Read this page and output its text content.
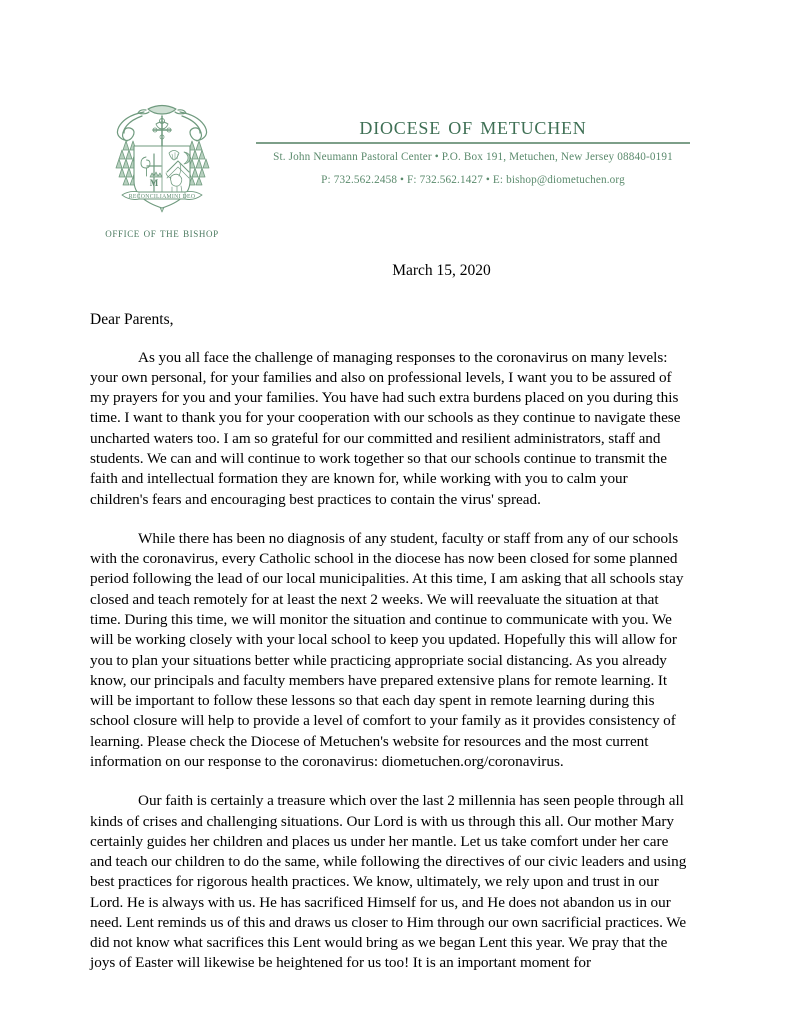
M
RECONCILIAMINI DEO
office of the bishop
diocese of metuchen
St. John Neumann Pastoral Center • P.O. Box 191, Metuchen, New Jersey 08840-0191
P: 732.562.2458 • F: 732.562.1427 • E: bishop@diometuchen.org
March 15, 2020
Dear Parents,

As you all face the challenge of managing responses to the coronavirus on many levels: your own personal, for your families and also on professional levels, I want you to be assured of my prayers for you and your families. You have had such extra burdens placed on you during this time. I want to thank you for your cooperation with our schools as they continue to navigate these uncharted waters too. I am so grateful for our committed and resilient administrators, staff and students. We can and will continue to work together so that our schools continue to transmit the faith and intellectual formation they are known for, while working with you to calm your children's fears and encouraging best practices to contain the virus' spread.

While there has been no diagnosis of any student, faculty or staff from any of our schools with the coronavirus, every Catholic school in the diocese has now been closed for some planned period following the lead of our local municipalities. At this time, I am asking that all schools stay closed and teach remotely for at least the next 2 weeks. We will reevaluate the situation at that time. During this time, we will monitor the situation and continue to communicate with you. We will be working closely with your local school to keep you updated. Hopefully this will allow for you to plan your situations better while practicing appropriate social distancing. As you already know, our principals and faculty members have prepared extensive plans for remote learning. It will be important to follow these lessons so that each day spent in remote learning during this school closure will help to provide a level of comfort to your family as it provides consistency of learning. Please check the Diocese of Metuchen's website for resources and the most current information on our response to the coronavirus: diometuchen.org/coronavirus.

Our faith is certainly a treasure which over the last 2 millennia has seen people through all kinds of crises and challenging situations. Our Lord is with us through this all. Our mother Mary certainly guides her children and places us under her mantle. Let us take comfort under her care and teach our children to do the same, while following the directives of our civic leaders and using best practices for rigorous health practices. We know, ultimately, we rely upon and trust in our Lord. He is always with us. He has sacrificed Himself for us, and He does not abandon us in our need. Lent reminds us of this and draws us closer to Him through our own sacrificial practices. We did not know what sacrifices this Lent would bring as we began Lent this year. We pray that the joys of Easter will likewise be heightened for us too! It is an important moment for
